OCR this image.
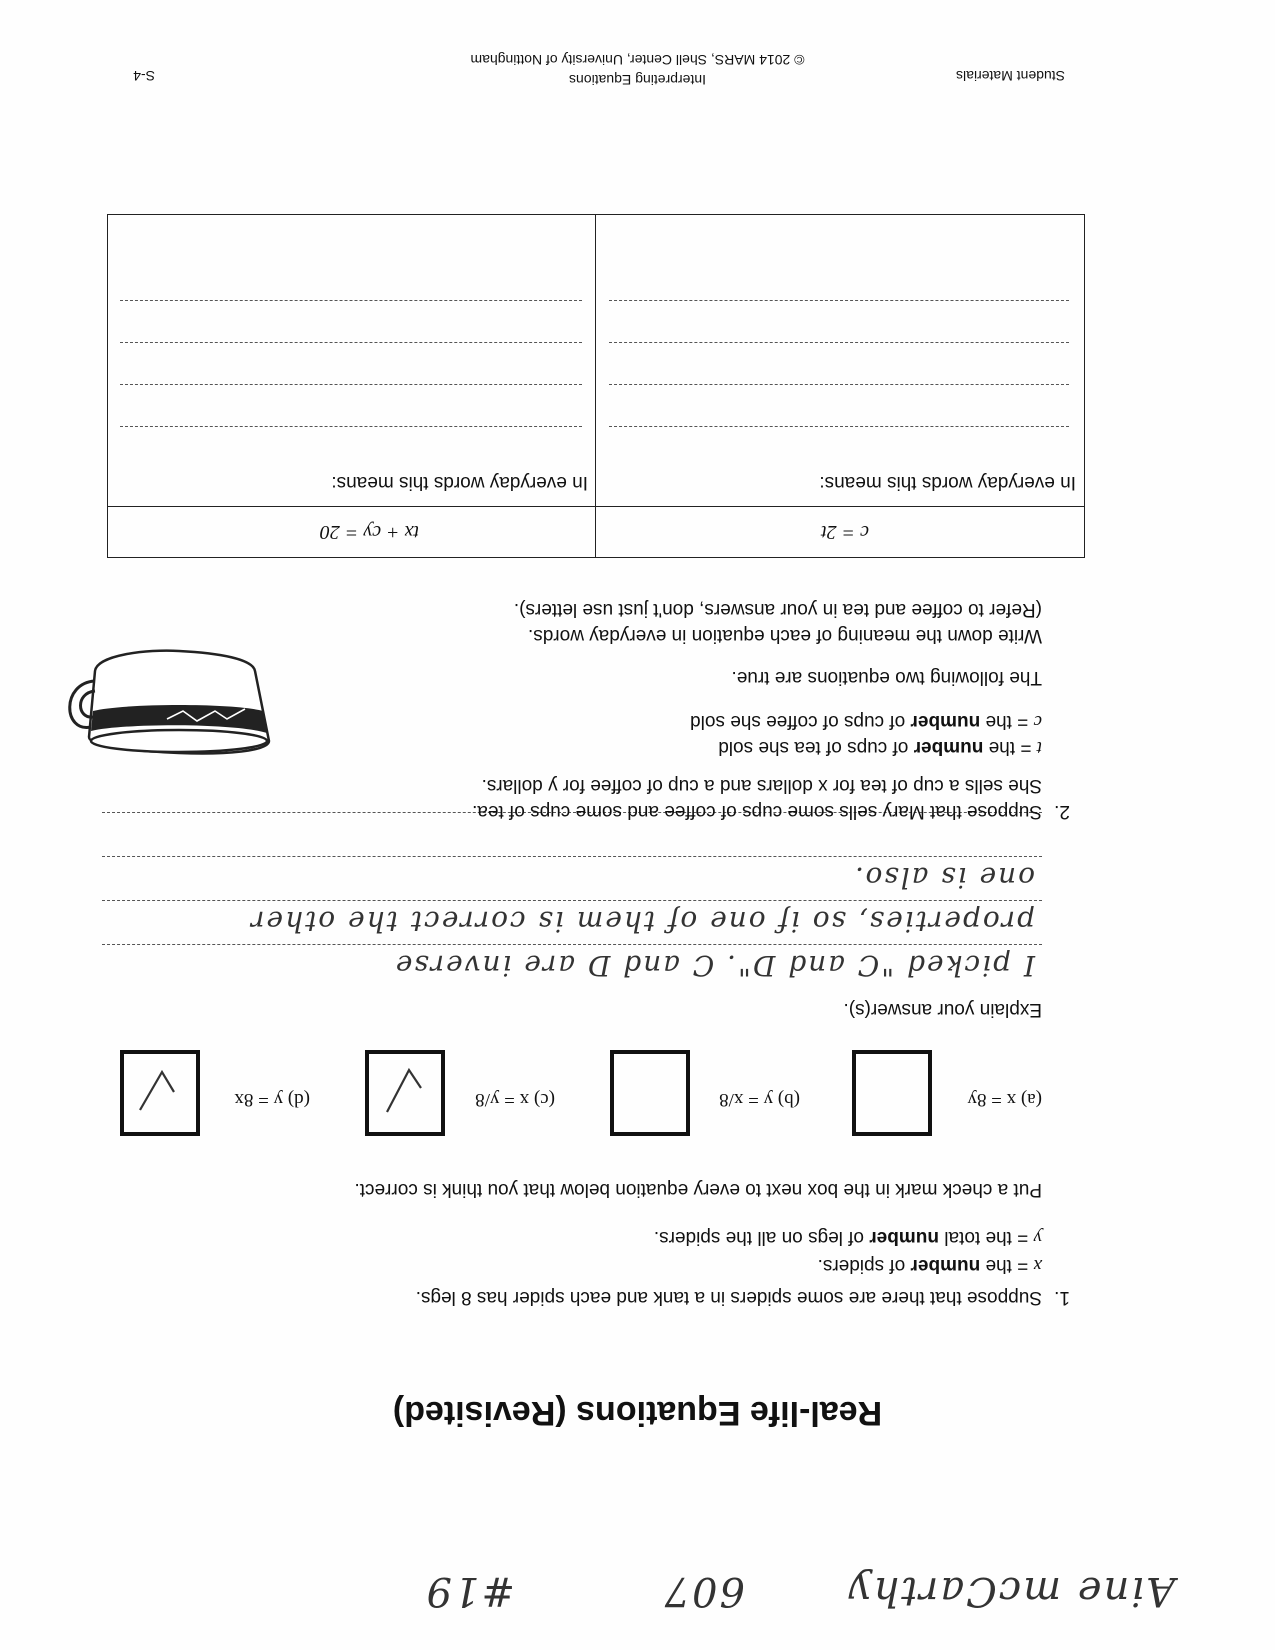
Aine mcCarthy
607
#19
Real-life Equations (Revisited)
1.Suppose that there are some spiders in a tank and each spider has 8 legs.
x = the number of spiders.
y = the total number of legs on all the spiders.
Put a check mark in the box next to every equation below that you think is correct.
(a) x = 8y
(b) y = x/8
(c) x = y/8
(d) y = 8x
Explain your answer(s).
I picked "C and D". C and D are inverse
properties, so if one of them is correct the other
one is also.
2.Suppose that Mary sells some cups of coffee and some cups of tea.
She sells a cup of tea for x dollars and a cup of coffee for y dollars.
t = the number of cups of tea she sold
c = the number of cups of coffee she sold
The following two equations are true.
Write down the meaning of each equation in everyday words.
(Refer to coffee and tea in your answers, don't just use letters).
c = 2t
tx + cy = 20
In everyday words this means:
In everyday words this means:
Student Materials
Interpreting Equations
© 2014 MARS, Shell Center, University of Nottingham
S-4
